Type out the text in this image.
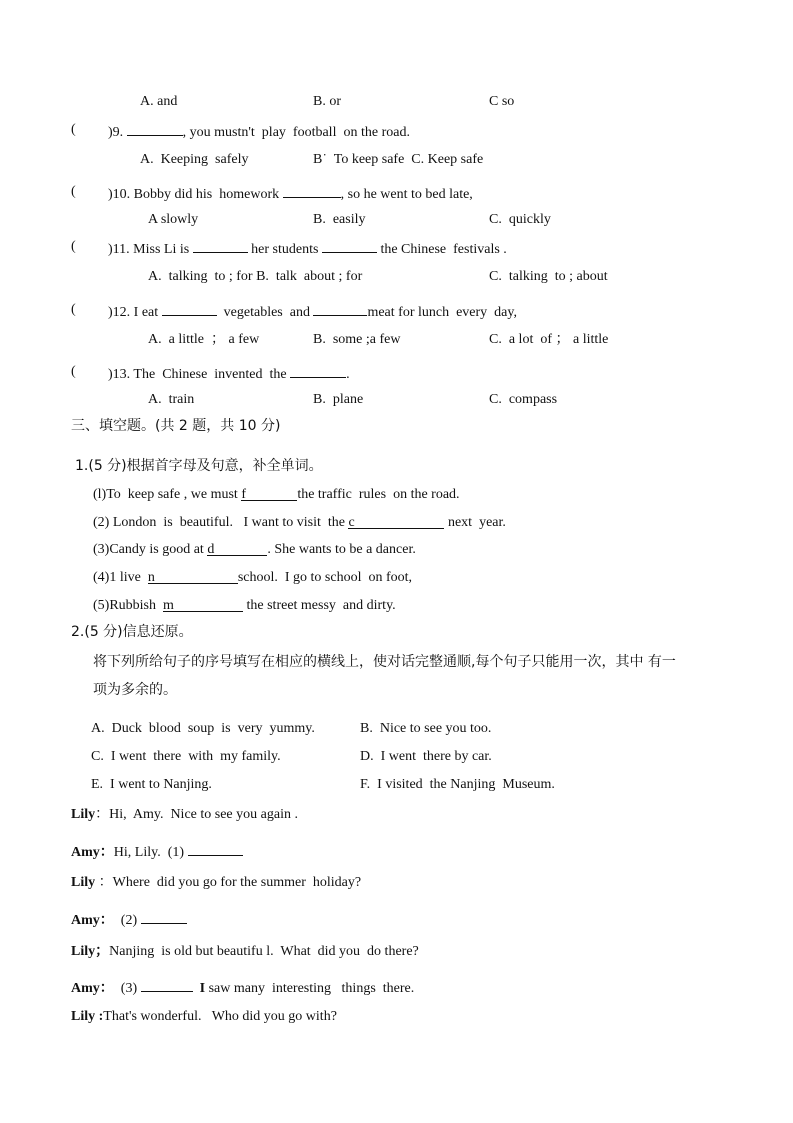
A. and	B. or	C so
( )9.	, you mustn't  play  football  on the road.
A.  Keeping  safely	B˙  To keep safe  C. Keep safe
( )10. Bobby did his  homework	, so he went to bed late,
A slowly	B.  easily	C.  quickly
( )11. Miss Li is	her students	the Chinese  festivals .
A.  talking  to ; for B.  talk  about ; for	C.  talking  to ; about
( )12. I eat	vegetables  and	meat for lunch  every  day,
A.  a little  ； a few	B.  some ;a few	C.  a lot  of ； a little
( )13. The  Chinese  invented  the	.
A.  train	B.  plane	C.  compass
三、填空题。(共 2 题，共 10 分)
1.(5 分)根据首字母及句意，补全单词。
(l)To  keep safe , we must f	the traffic  rules  on the road.
(2) London  is  beautiful.   I want to visit  the c	next  year.
(3)Candy is good at d	. She wants to be a dancer.
(4)1 live n	school.  I go to school  on foot,
(5)Rubbish m	the street messy  and dirty.
2.(5 分)信息还原。
将下列所给句子的序号填写在相应的横线上，使对话完整通顺,每个句子只能用一次，其中 有一
项为多余的。
A.  Duck  blood  soup  is  very  yummy.	B.  Nice to see you too.
C.  I went  there  with  my family.	D.  I went  there by car.
E.  I went to Nanjing.	F.  I visited  the Nanjing  Museum.
Lily：Hi,  Amy.  Nice to see you again .
Amy：Hi, Lily.  (1)
Lily ：Where  did you go for the summer  holiday?
Amy：  (2)
Lily；Nanjing  is old but beautifu l.  What  did you  do there?
Amy：  (3)	I saw many  interesting   things  there.
Lily :That's wonderful.   Who did you go with?
